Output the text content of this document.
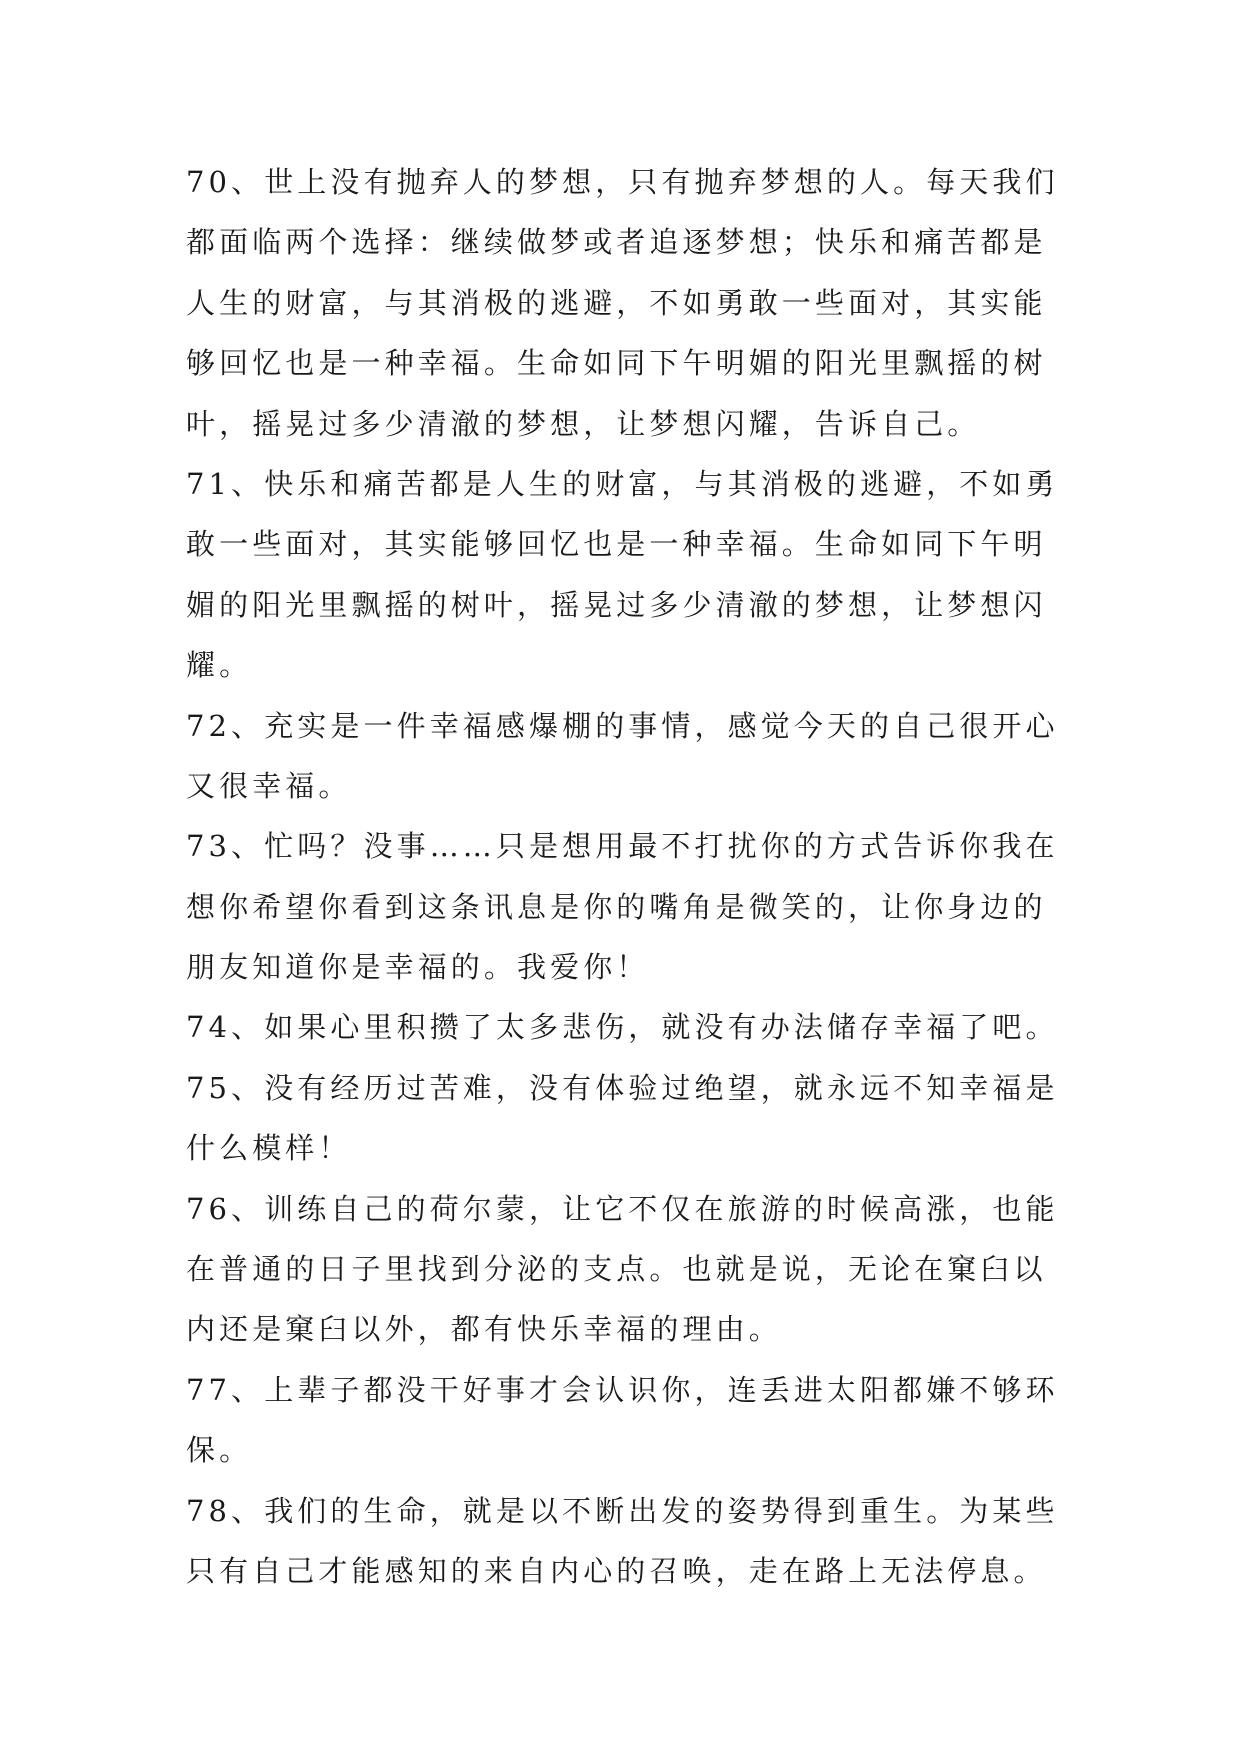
70、世上没有抛弃人的梦想，只有抛弃梦想的人。每天我们
都面临两个选择：继续做梦或者追逐梦想；快乐和痛苦都是
人生的财富，与其消极的逃避，不如勇敢一些面对，其实能
够回忆也是一种幸福。生命如同下午明媚的阳光里飘摇的树
叶，摇晃过多少清澈的梦想，让梦想闪耀，告诉自己。
71、快乐和痛苦都是人生的财富，与其消极的逃避，不如勇
敢一些面对，其实能够回忆也是一种幸福。生命如同下午明
媚的阳光里飘摇的树叶，摇晃过多少清澈的梦想，让梦想闪
耀。
72、充实是一件幸福感爆棚的事情，感觉今天的自己很开心
又很幸福。
73、忙吗？没事……只是想用最不打扰你的方式告诉你我在
想你希望你看到这条讯息是你的嘴角是微笑的，让你身边的
朋友知道你是幸福的。我爱你！
74、如果心里积攒了太多悲伤，就没有办法储存幸福了吧。
75、没有经历过苦难，没有体验过绝望，就永远不知幸福是
什么模样！
76、训练自己的荷尔蒙，让它不仅在旅游的时候高涨，也能
在普通的日子里找到分泌的支点。也就是说，无论在窠臼以
内还是窠臼以外，都有快乐幸福的理由。
77、上辈子都没干好事才会认识你，连丢进太阳都嫌不够环
保。
78、我们的生命，就是以不断出发的姿势得到重生。为某些
只有自己才能感知的来自内心的召唤，走在路上无法停息。
